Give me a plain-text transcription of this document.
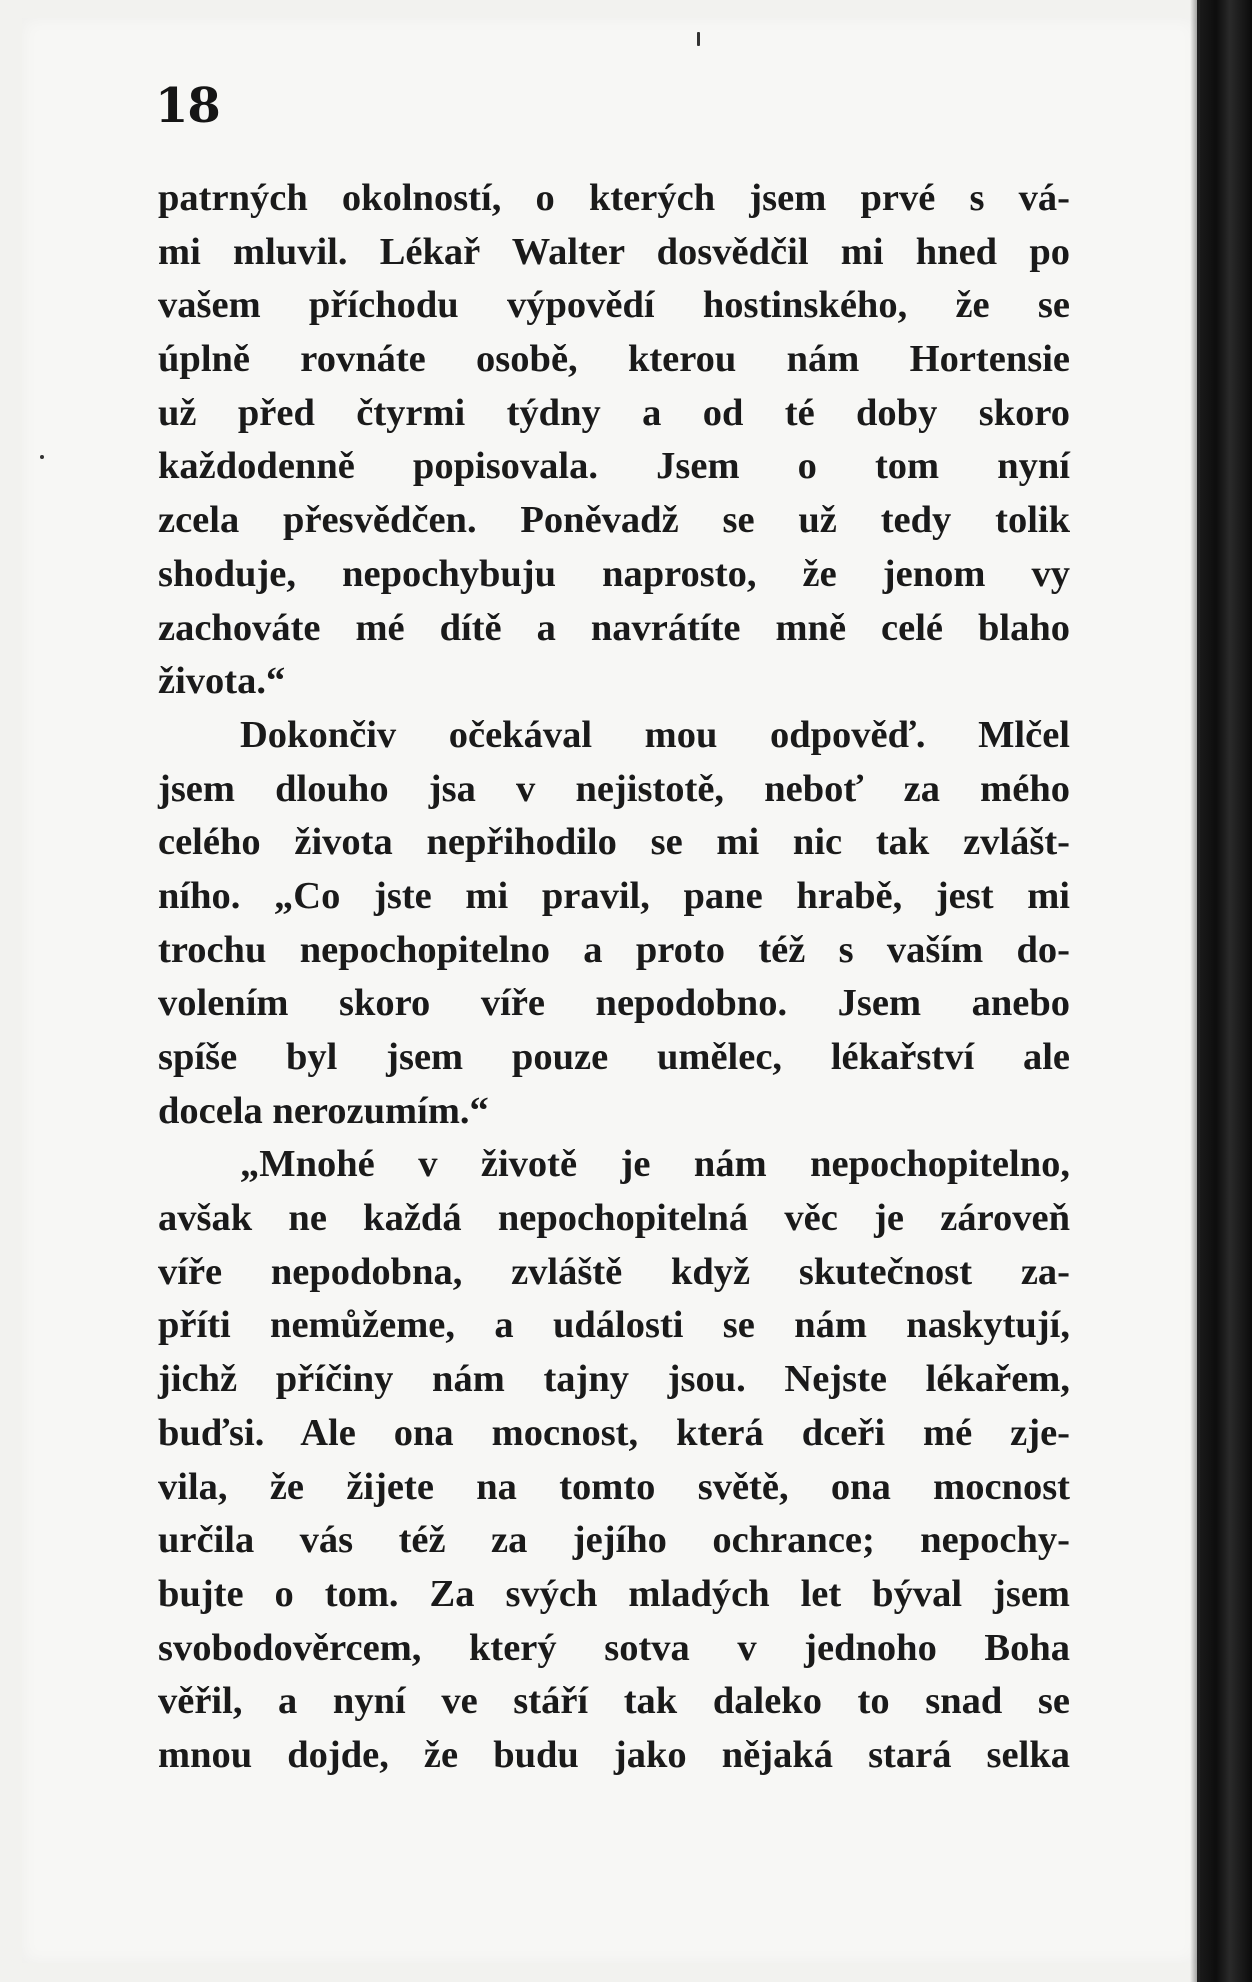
18
patrných okolností, o kterých jsem prvé s vá-
mi mluvil. Lékař Walter dosvědčil mi hned po
vašem příchodu výpovědí hostinského, že se
úplně rovnáte osobě, kterou nám Hortensie
už před čtyrmi týdny a od té doby skoro
každodenně popisovala. Jsem o tom nyní
zcela přesvědčen. Poněvadž se už tedy tolik
shoduje, nepochybuju naprosto, že jenom vy
zachováte mé dítě a navrátíte mně celé blaho
života.“
Dokončiv očekával mou odpověď. Mlčel
jsem dlouho jsa v nejistotě, neboť za mého
celého života nepřihodilo se mi nic tak zvlášt-
ního. „Co jste mi pravil, pane hrabě, jest mi
trochu nepochopitelno a proto též s vaším do-
volením skoro víře nepodobno. Jsem anebo
spíše byl jsem pouze umělec, lékařství ale
docela nerozumím.“
„Mnohé v životě je nám nepochopitelno,
avšak ne každá nepochopitelná věc je zároveň
víře nepodobna, zvláště když skutečnost za-
příti nemůžeme, a události se nám naskytují,
jichž příčiny nám tajny jsou. Nejste lékařem,
buďsi. Ale ona mocnost, která dceři mé zje-
vila, že žijete na tomto světě, ona mocnost
určila vás též za jejího ochrance; nepochy-
bujte o tom. Za svých mladých let býval jsem
svobodověrcem, který sotva v jednoho Boha
věřil, a nyní ve stáří tak daleko to snad se
mnou dojde, že budu jako nějaká stará selka
